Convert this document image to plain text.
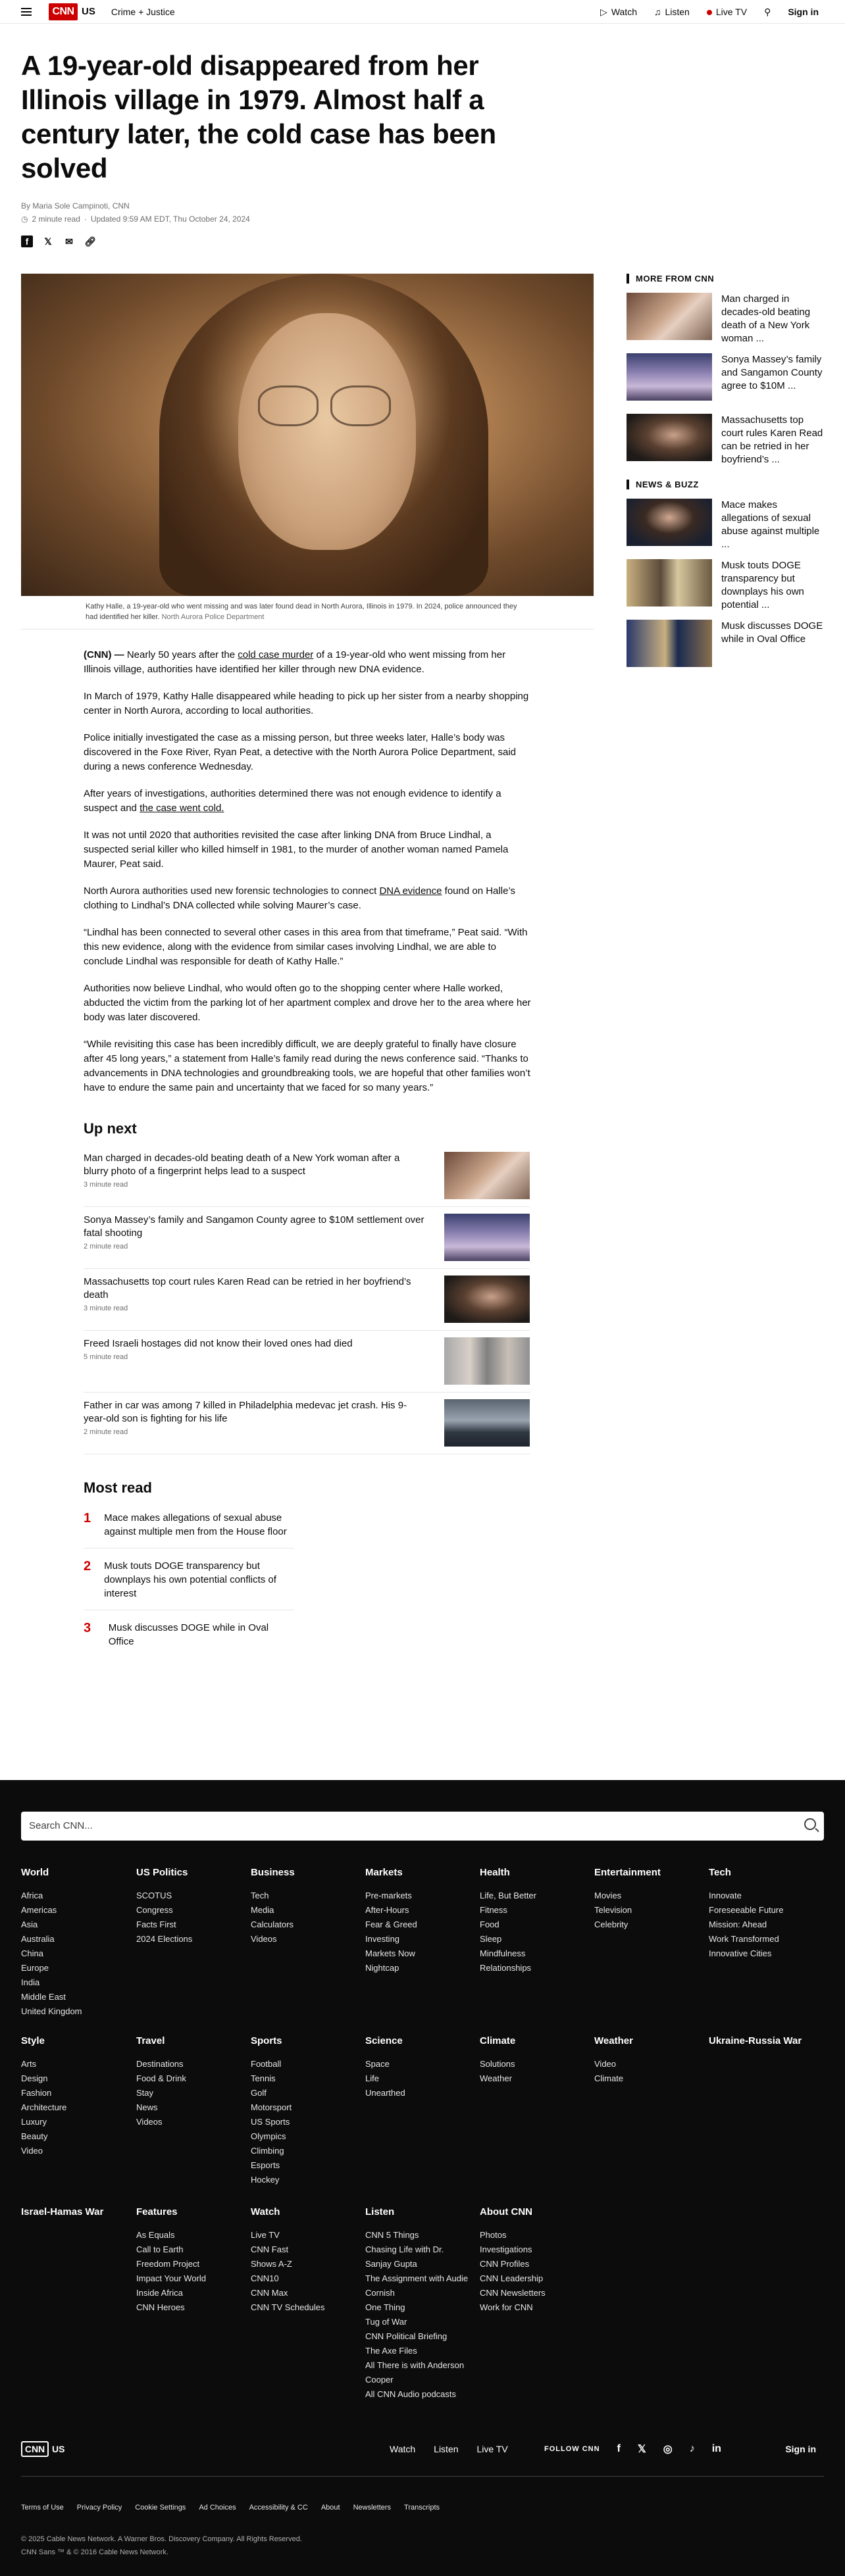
CNN US Crime + Justice	▷ Watch ♫ Listen	Live TV ⚲ Sign in
A 19-year-old disappeared from her Illinois village in 1979. Almost half a century later, the cold case has been solved
By Maria Sole Campinoti, CNN
◷ 2 minute read · Updated 9:59 AM EDT, Thu October 24, 2024
f	𝕏 ✉ 🔗︎
Kathy Halle, a 19-year-old who went missing and was later found dead in North Aurora, Illinois in 1979. In 2024, police announced they had identified her killer. North Aurora Police Department

(CNN) — Nearly 50 years after the cold case murder of a 19-year-old who went missing from her Illinois village, authorities have identified her killer through new DNA evidence.

In March of 1979, Kathy Halle disappeared while heading to pick up her sister from a nearby shopping center in North Aurora, according to local authorities.

Police initially investigated the case as a missing person, but three weeks later, Halle’s body was discovered in the Foxe River, Ryan Peat, a detective with the North Aurora Police Department, said during a news conference Wednesday.

After years of investigations, authorities determined there was not enough evidence to identify a suspect and the case went cold.

It was not until 2020 that authorities revisited the case after linking DNA from Bruce Lindhal, a suspected serial killer who killed himself in 1981, to the murder of another woman named Pamela Maurer, Peat said.

North Aurora authorities used new forensic technologies to connect DNA evidence found on Halle’s clothing to Lindhal’s DNA collected while solving Maurer’s case.

“Lindhal has been connected to several other cases in this area from that timeframe,” Peat said. “With this new evidence, along with the evidence from similar cases involving Lindhal, we are able to conclude Lindhal was responsible for death of Kathy Halle.”

Authorities now believe Lindhal, who would often go to the shopping center where Halle worked, abducted the victim from the parking lot of her apartment complex and drove her to the area where her body was later discovered.

“While revisiting this case has been incredibly difficult, we are deeply grateful to finally have closure after 45 long years,” a statement from Halle’s family read during the news conference said. “Thanks to advancements in DNA technologies and groundbreaking tools, we are hopeful that other families won’t have to endure the same pain and uncertainty that we faced for so many years.”

Up next
Man charged in decades-old beating death of a New York woman after a blurry photo of a fingerprint helps lead to a suspect
3 minute read
Sonya Massey’s family and Sangamon County agree to $10M settlement over fatal shooting
2 minute read
Massachusetts top court rules Karen Read can be retried in her boyfriend’s death
3 minute read
Freed Israeli hostages did not know their loved ones had died
5 minute read
Father in car was among 7 killed in Philadelphia medevac jet crash. His 9-year-old son is fighting for his life
2 minute read
Most read
1 Mace makes allegations of sexual abuse against multiple men from the House floor
2 Musk touts DOGE transparency but downplays his own potential conflicts of interest
3	Musk discusses DOGE while in Oval Office
MORE FROM CNN
Man charged in decades-old beating death of a New York woman ...
Sonya Massey’s family and Sangamon County agree to $10M ...
Massachusetts top court rules Karen Read can be retried in her boyfriend’s ...
NEWS & BUZZ
Mace makes allegations of sexual abuse against multiple ...
Musk touts DOGE transparency but downplays his own potential ...
Musk discusses DOGE while in Oval Office
Search CNN...
World
Africa
Americas
Asia
Australia
China
Europe
India
Middle East
United Kingdom
US Politics
SCOTUS
Congress
Facts First
2024 Elections
Business
Tech
Media
Calculators
Videos
Markets
Pre-markets
After-Hours
Fear & Greed
Investing
Markets Now
Nightcap
Health
Life, But Better
Fitness
Food
Sleep
Mindfulness
Relationships
Entertainment
Movies
Television
Celebrity
Tech
Innovate
Foreseeable Future
Mission: Ahead
Work Transformed
Innovative Cities
Style
Arts
Design
Fashion
Architecture
Luxury
Beauty
Video
Travel
Destinations
Food & Drink
Stay
News
Videos
Sports
Football
Tennis
Golf
Motorsport
US Sports
Olympics
Climbing
Esports
Hockey
Science
Space
Life
Unearthed
Climate
Solutions
Weather
Weather
Video
Climate
Ukraine-Russia War
Israel-Hamas War	Features
As Equals
Call to Earth
Freedom Project
Impact Your World
Inside Africa
CNN Heroes
Watch
Live TV
CNN Fast
Shows A-Z
CNN10
CNN Max
CNN TV Schedules
Listen
CNN 5 Things
Chasing Life with Dr. Sanjay Gupta
The Assignment with Audie Cornish
One Thing
Tug of War
CNN Political Briefing
The Axe Files
All There is with Anderson Cooper
All CNN Audio podcasts
About CNN
Photos
Investigations
CNN Profiles
CNN Leadership
CNN Newsletters
Work for CNN
CNN US	Watch Listen Live TV	FOLLOW CNN f 𝕏 ◎ ♪ in	Sign in
Terms of Use Privacy Policy Cookie Settings Ad Choices Accessibility & CC About Newsletters Transcripts
© 2025 Cable News Network. A Warner Bros. Discovery Company. All Rights Reserved.
CNN Sans ™ & © 2016 Cable News Network.
